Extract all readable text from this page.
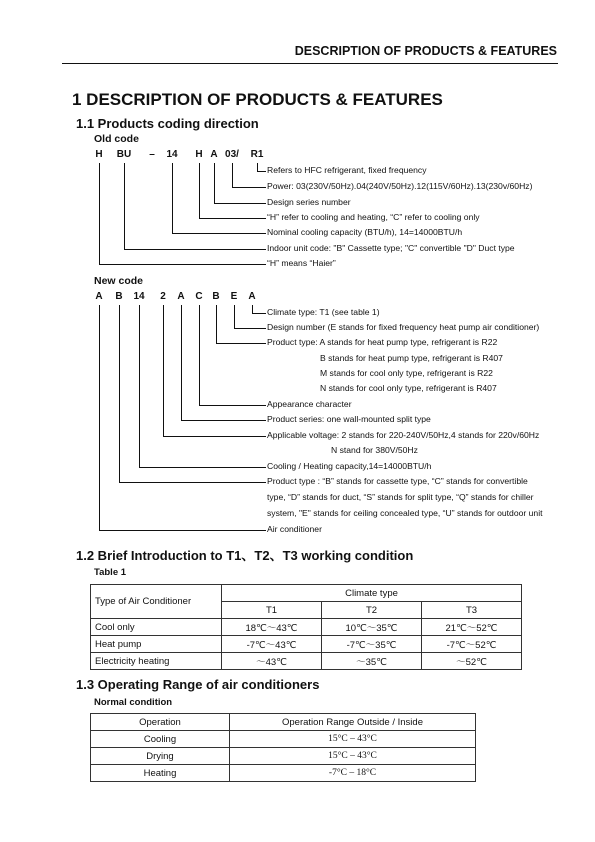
DESCRIPTION OF PRODUCTS & FEATURES
1 DESCRIPTION OF PRODUCTS & FEATURES
1.1 Products coding direction
Old code
H BU – 14 H A 03/ R1
Refers to HFC refrigerant, fixed frequency
Power: 03(230V/50Hz).04(240V/50Hz).12(115V/60Hz).13(230v/60Hz)
Design series number
“H” refer to cooling and heating, “C” refer to cooling only
Nominal cooling capacity (BTU/h), 14=14000BTU/h
Indoor unit code: "B" Cassette type; "C" convertible "D" Duct type
“H” means “Haier”
New code
A B 14 2 A C B E A
Climate type: T1 (see table 1)
Design number (E stands for fixed frequency heat pump air conditioner)
Product type: A stands for heat pump type, refrigerant is R22
B stands for heat pump type, refrigerant is R407
M stands for cool only type, refrigerant is R22
N stands for cool only type, refrigerant is R407
Appearance character
Product series: one wall-mounted split type
Applicable voltage: 2 stands for 220-240V/50Hz,4 stands for 220v/60Hz
N stand for 380V/50Hz
Cooling / Heating capacity,14=14000BTU/h
Product type : “B” stands for cassette type, “C” stands for convertible
type, “D” stands for duct, “S” stands for split type, “Q” stands for chiller
system, "E" stands for ceiling concealed type, “U” stands for outdoor unit
Air conditioner
1.2 Brief Introduction to T1、T2、T3 working condition
Table 1
Type of Air Conditioner	Climate type		
	T1	T2	T3
Cool only	18℃～43℃	10℃～35℃	21℃～52℃
Heat pump	-7℃～43℃	-7℃～35℃	-7℃～52℃
Electricity heating	～43℃	～35℃	～52℃
1.3 Operating Range of air conditioners
Normal condition
Operation	Operation Range Outside / Inside
Cooling	15°C – 43°C
Drying	15°C – 43°C
Heating	-7°C – 18°C
